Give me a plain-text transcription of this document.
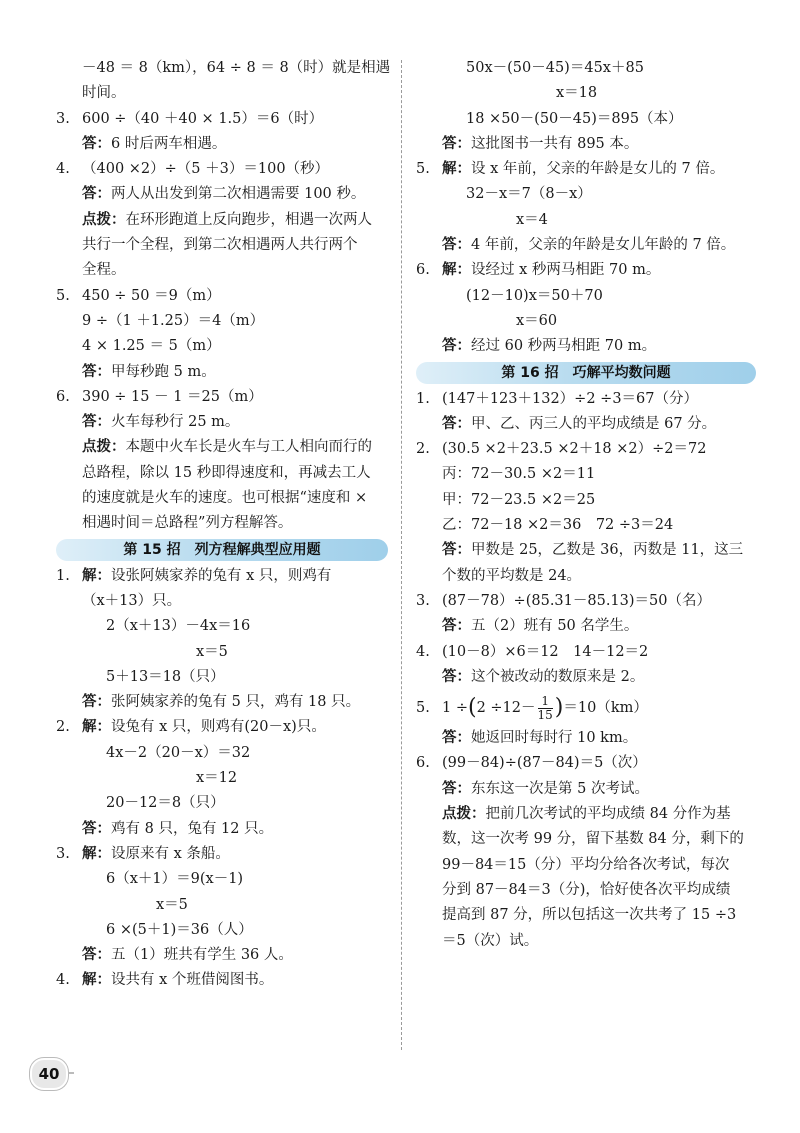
－48 ＝ 8（km），64 ÷ 8 ＝ 8（时）就是相遇
时间。
3. 600 ÷（40 ＋40 × 1.5）＝6（时）
答：6 时后两车相遇。
4. （400 ×2）÷（5 ＋3）＝100（秒）
答：两人从出发到第二次相遇需要 100 秒。
点拨：在环形跑道上反向跑步，相遇一次两人
共行一个全程，到第二次相遇两人共行两个
全程。
5. 450 ÷ 50 ＝9（m）
9 ÷（1 ＋1.25）＝4（m）
4 × 1.25 ＝ 5（m）
答：甲每秒跑 5 m。
6. 390 ÷ 15 － 1 ＝25（m）
答：火车每秒行 25 m。
点拨：本题中火车长是火车与工人相向而行的
总路程，除以 15 秒即得速度和，再减去工人
的速度就是火车的速度。也可根据“速度和 ×
相遇时间＝总路程”列方程解答。
第 15 招　列方程解典型应用题
1. 解：设张阿姨家养的兔有 x 只，则鸡有
（x＋13）只。
2（x＋13）－4x＝16
x＝5
5＋13＝18（只）
答：张阿姨家养的兔有 5 只，鸡有 18 只。
2. 解：设兔有 x 只，则鸡有(20－x)只。
4x－2（20－x）＝32
x＝12
20－12＝8（只）
答：鸡有 8 只，兔有 12 只。
3. 解：设原来有 x 条船。
6（x＋1）＝9(x－1)
x＝5
6 ×(5＋1)＝36（人）
答：五（1）班共有学生 36 人。
4. 解：设共有 x 个班借阅图书。
50x－(50－45)＝45x＋85
x＝18
18 ×50－(50－45)＝895（本）
答：这批图书一共有 895 本。
5. 解：设 x 年前，父亲的年龄是女儿的 7 倍。
32－x＝7（8－x）
x＝4
答：4 年前，父亲的年龄是女儿年龄的 7 倍。
6. 解：设经过 x 秒两马相距 70 m。
(12－10)x＝50＋70
x＝60
答：经过 60 秒两马相距 70 m。
第 16 招　巧解平均数问题
1. (147＋123＋132）÷2 ÷3＝67（分）
答：甲、乙、丙三人的平均成绩是 67 分。
2. (30.5 ×2＋23.5 ×2＋18 ×2）÷2＝72
丙：72－30.5 ×2＝11
甲：72－23.5 ×2＝25
乙：72－18 ×2＝36　72 ÷3＝24
答：甲数是 25，乙数是 36，丙数是 11，这三
个数的平均数是 24。
3. (87－78）÷(85.31－85.13)＝50（名）
答：五（2）班有 50 名学生。
4. (10－8）×6＝12　14－12＝2
答：这个被改动的数原来是 2。
5. $1 \div(2 \div 12- \frac{1}{15} )=10(km)$
答：她返回时每时行 10 km。
6. (99－84)÷(87－84)＝5（次）
答：东东这一次是第 5 次考试。
点拨：把前几次考试的平均成绩 84 分作为基
数，这一次考 99 分，留下基数 84 分，剩下的
99－84＝15（分）平均分给各次考试，每次
分到 87－84＝3（分)，恰好使各次平均成绩
提高到 87 分，所以包括这一次共考了 15 ÷3
＝5（次）试。
40
